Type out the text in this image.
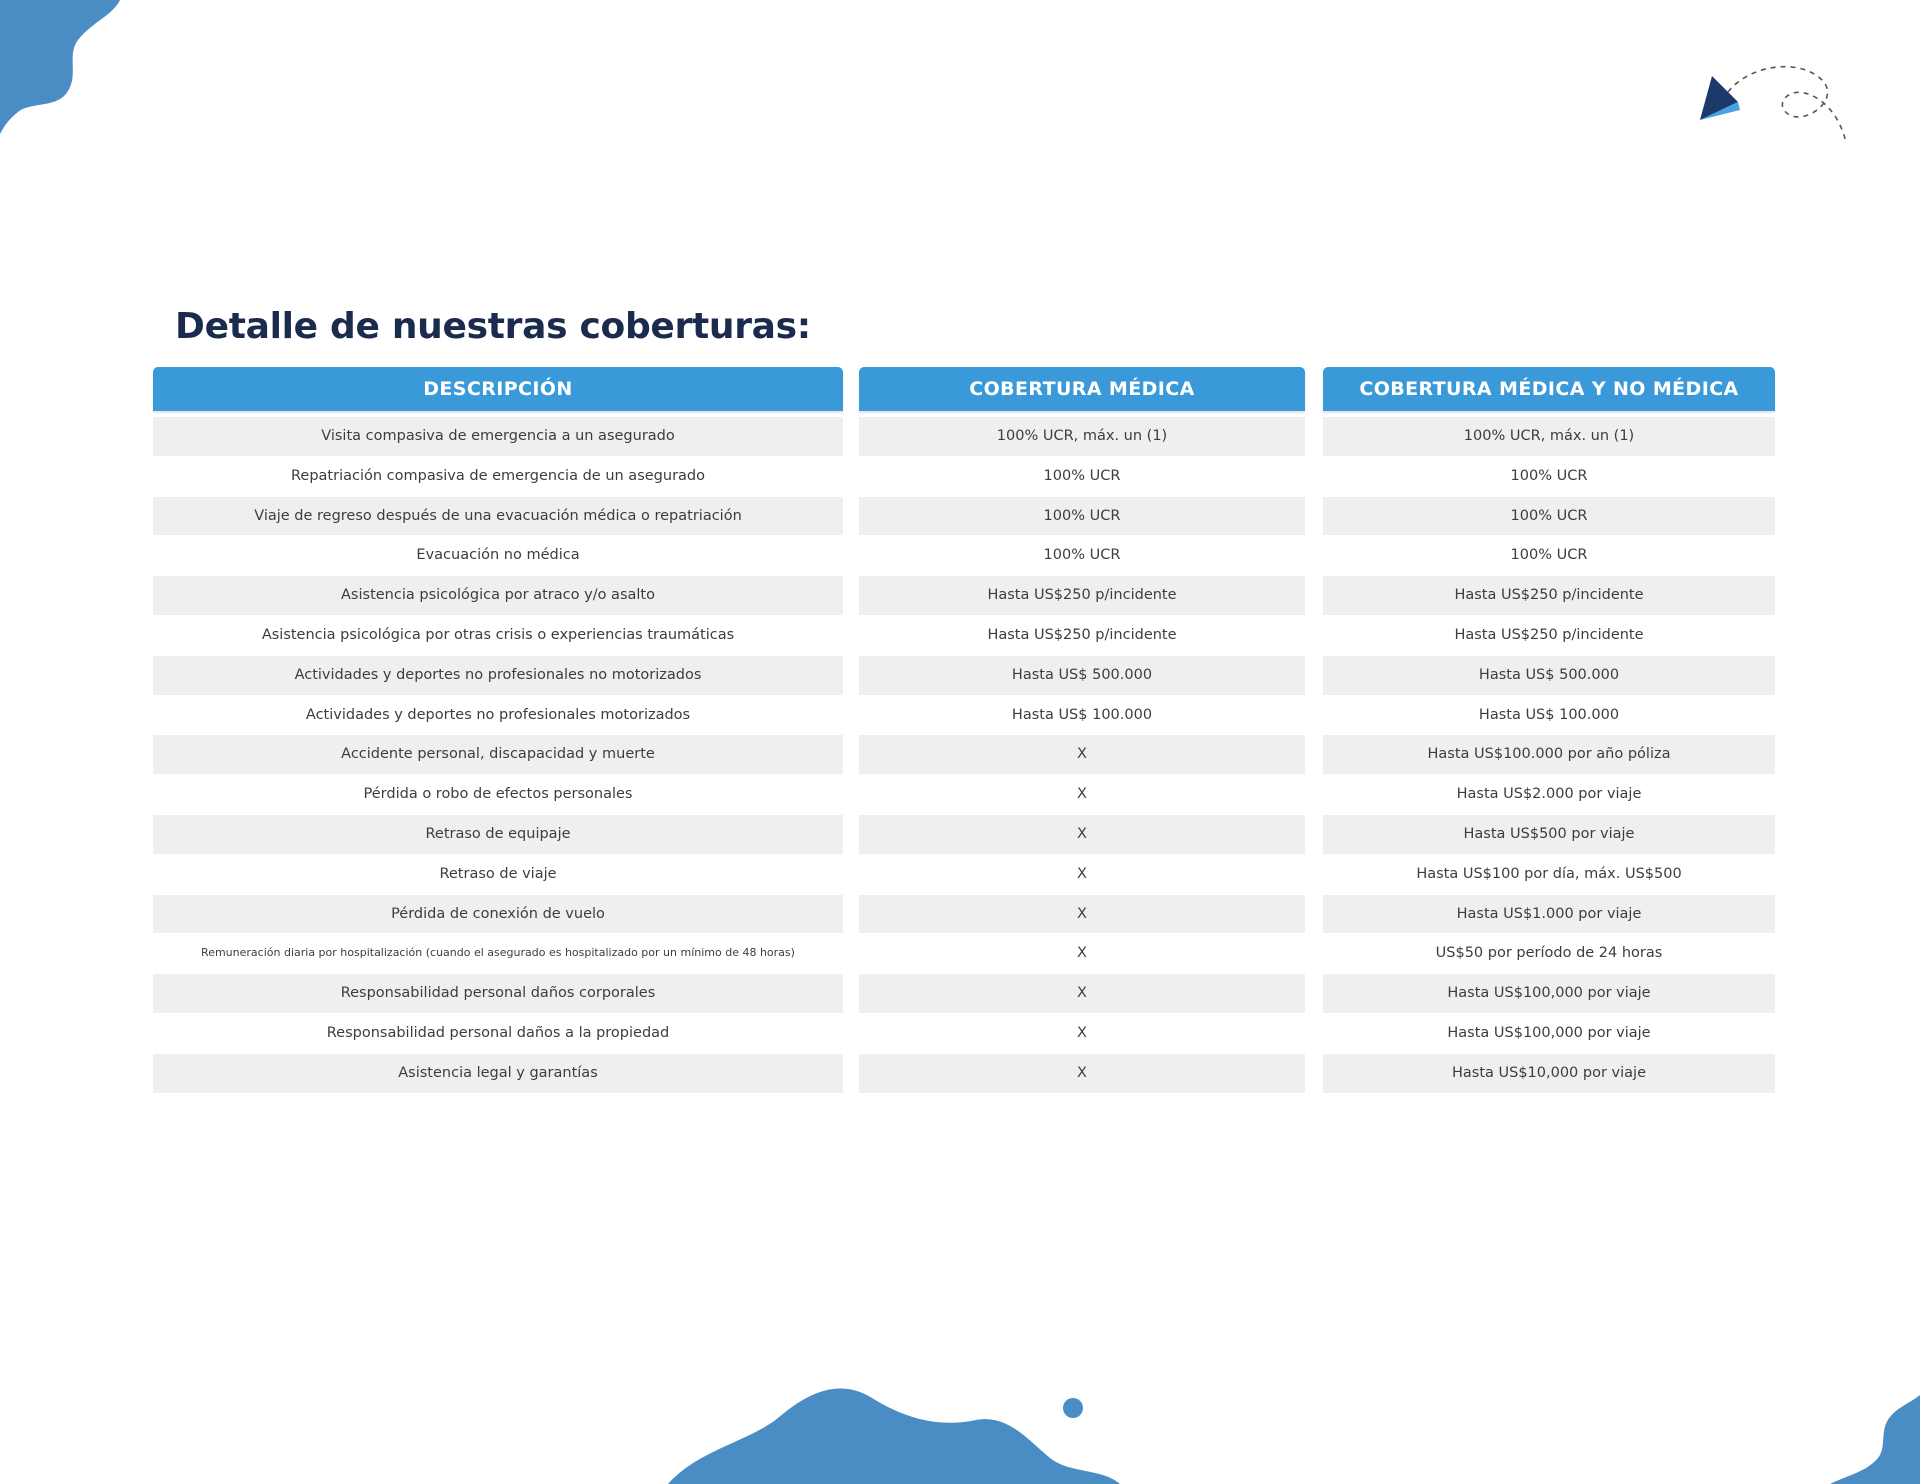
Detalle de nuestras coberturas:
DESCRIPCIÓN
Visita compasiva de emergencia a un asegurado
Repatriación compasiva de emergencia de un asegurado
Viaje de regreso después de una evacuación médica o repatriación
Evacuación no médica
Asistencia psicológica por atraco y/o asalto
Asistencia psicológica por otras crisis o experiencias traumáticas
Actividades y deportes no profesionales no motorizados
Actividades y deportes no profesionales motorizados
Accidente personal, discapacidad y muerte
Pérdida o robo de efectos personales
Retraso de equipaje
Retraso de viaje
Pérdida de conexión de vuelo
Remuneración diaria por hospitalización (cuando el asegurado es hospitalizado por un mínimo de 48 horas)
Responsabilidad personal daños corporales
Responsabilidad personal daños a la propiedad
Asistencia legal y garantías
COBERTURA MÉDICA
100% UCR, máx. un (1)
100% UCR
100% UCR
100% UCR
Hasta US$250 p/incidente
Hasta US$250 p/incidente
Hasta US$ 500.000
Hasta US$ 100.000
X
X
X
X
X
X
X
X
X
COBERTURA MÉDICA Y NO MÉDICA
100% UCR, máx. un (1)
100% UCR
100% UCR
100% UCR
Hasta US$250 p/incidente
Hasta US$250 p/incidente
Hasta US$ 500.000
Hasta US$ 100.000
Hasta US$100.000 por año póliza
Hasta US$2.000 por viaje
Hasta US$500 por viaje
Hasta US$100 por día, máx. US$500
Hasta US$1.000 por viaje
US$50 por período de 24 horas
Hasta US$100,000 por viaje
Hasta US$100,000 por viaje
Hasta US$10,000 por viaje
